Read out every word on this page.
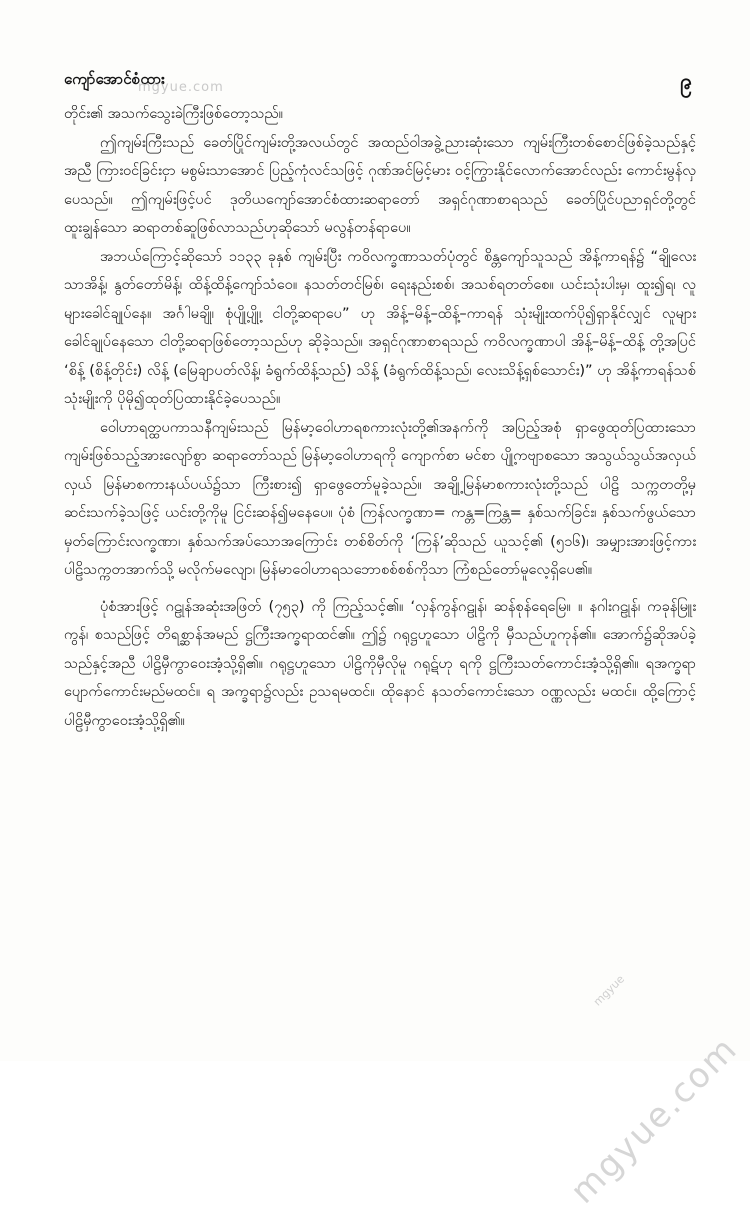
ကျော်အောင်စံထား	၉
mgyue.com

တိုင်း၏ အသက်သွေးခဲကြီးဖြစ်တော့သည်။

ဤကျမ်းကြီးသည် ခေတ်ပြိုင်ကျမ်းတို့အလယ်တွင် အထည်ဝါအခွဲ့ညားဆုံးသော ကျမ်းကြီးတစ်စောင်ဖြစ်ခဲ့သည်နှင့်အညီ ကြားဝင်ခြင်းငှာ မစွမ်းသာအောင် ပြည့်ကုံလင်သဖြင့် ဂုဏ်အင်မြင့်မား ဝင့်ကြွားနိုင်လောက်အောင်လည်း ကောင်းမွန်လှပေသည်။ ဤကျမ်းဖြင့်ပင် ဒုတိယကျော်အောင်စံထားဆရာတော် အရှင်ဂုဏာစာရသည် ခေတ်ပြိုင်ပညာရှင်တို့တွင် ထူးချွန်သော ဆရာတစ်ဆူဖြစ်လာသည်ဟုဆိုသော် မလွန်တန်ရာပေ။

အဘယ်ကြောင့်ဆိုသော် ၁၁၃၃ ခုနှစ် ကျမ်းပြီး ကဝိလက္ခဏာသတ်ပုံတွင် စိန္တကျော်သူသည် အိန့်ကာရန်၌ “ချိုလေးသာအိန့်၊ နွတ်တော်မိန့်၊ ထိန့်ထိန့်ကျော်သံဝေ။ နသတ်တင်မြစ်၊ ရေးနည်းစစ်၊ အသစ်ရတတ်စေ။ ယင်းသုံးပါးမှ၊ ထူး၍ရ၊ လူများခေါင်ချုပ်နေ။ အင်္ဂါမချို၊ စုံပျို့ပျို့၊ ငါတို့ဆရာပေ” ဟု အိန့်–မိန့်–ထိန့်–ကာရန် သုံးမျိုးထက်ပို၍ရှာနိုင်လျှင် လူများခေါင်ချုပ်နေသော ငါတို့ဆရာဖြစ်တော့သည်ဟု ဆိုခဲ့သည်။ အရှင်ဂုဏာစာရသည် ကဝိလက္ခဏာပါ အိန့်–မိန့်–ထိန့် တို့အပြင် ‘စိန့် (စိန့်တိုင်း) လိန့် (မြေချာပတ်လိန့်၊ ခံရွက်ထိန့်သည်) သိန့် (ခံရွက်ထိန့်သည်၊ လေးသိန့်ရှစ်သောင်း)” ဟု အိန့်ကာရန်သစ်သုံးမျိုးကို ပိုမို၍ထုတ်ပြထားနိုင်ခဲ့ပေသည်။

ဝေါဟာရတ္ထပကာသနီကျမ်းသည် မြန်မာ့ဝေါဟာရစကားလုံးတို့၏အနက်ကို အပြည့်အစုံ ရှာဖွေထုတ်ပြထားသော ကျမ်းဖြစ်သည့်အားလျော်စွာ ဆရာတော်သည် မြန်မာ့ဝေါဟာရကို ကျောက်စာ မင်စာ ပျို့ကဗျာစသော အသွယ်သွယ်အလှယ်လှယ် မြန်မာစကားနယ်ပယ်၌သာ ကြီးစား၍ ရှာဖွေတော်မူခဲ့သည်။ အချို့မြန်မာစကားလုံးတို့သည် ပါဠိ သက္ကတတို့မှ ဆင်းသက်ခဲ့သဖြင့် ယင်းတို့ကိုမူ ငြင်းဆန်၍မနေပေ။ ပုံစံ ကြန်လက္ခဏာ= ကန္တ=ကြန္တ= နှစ်သက်ခြင်း၊ နှစ်သက်ဖွယ်သော မှတ်ကြောင်းလက္ခဏာ၊ နှစ်သက်အပ်သောအကြောင်း တစ်စိတ်ကို ‘ကြန်’ဆိုသည် ယူသင့်၏ (၅၁၆)၊ အမျှားအားဖြင့်ကား ပါဠိသက္ကတအာက်သို့ မလိုက်မလျော၊ မြန်မာဝေါဟာရသဘောစစ်စစ်ကိုသာ ကြံစည်တော်မူလေ့ရှိပေ၏။

ပုံစံအားဖြင့် ဂဠုန်အဆုံးအဖြတ် (၇၅၃) ကို ကြည့်သင့်၏။ ‘လှန်ကွန်ဂဠုန်၊ ဆန်စုန်ရေမြေ။ ။ နဂါးဂဠုန်၊ ကခုန်မြူးကွန်၊ စသည်ဖြင့် တိရစ္ဆာန်အမည် ဋ္ဌကြီးအက္ခရာထင်၏။ ဤ၌ ဂရုဋ္ဌဟူသော ပါဠိကို မှီသည်ဟူကုန်၏။ အောက်၌ဆိုအပ်ခဲ့သည်နှင့်အညီ ပါဠိမှီကွာဝေးအံ့သို့ရှိ၏။ ဂရုဋ္ဌဟူသော ပါဠိကိုမှီလိုမူ ဂရုဋ်ဟု ရကို ဋ္ဌကြီးသတ်ကောင်းအံ့သို့ရှိ၏။ ရအက္ခရာပျောက်ကောင်းမည်မထင်။ ရ အက္ခရာ၌လည်း ဥသရမထင်။ ထိုနောင် နသတ်ကောင်းသော ဝဏ္ဏလည်း မထင်။ ထို့ကြောင့် ပါဠိမှီကွာဝေးအံ့သို့ရှိ၏။

mgyue
mgyue.com
